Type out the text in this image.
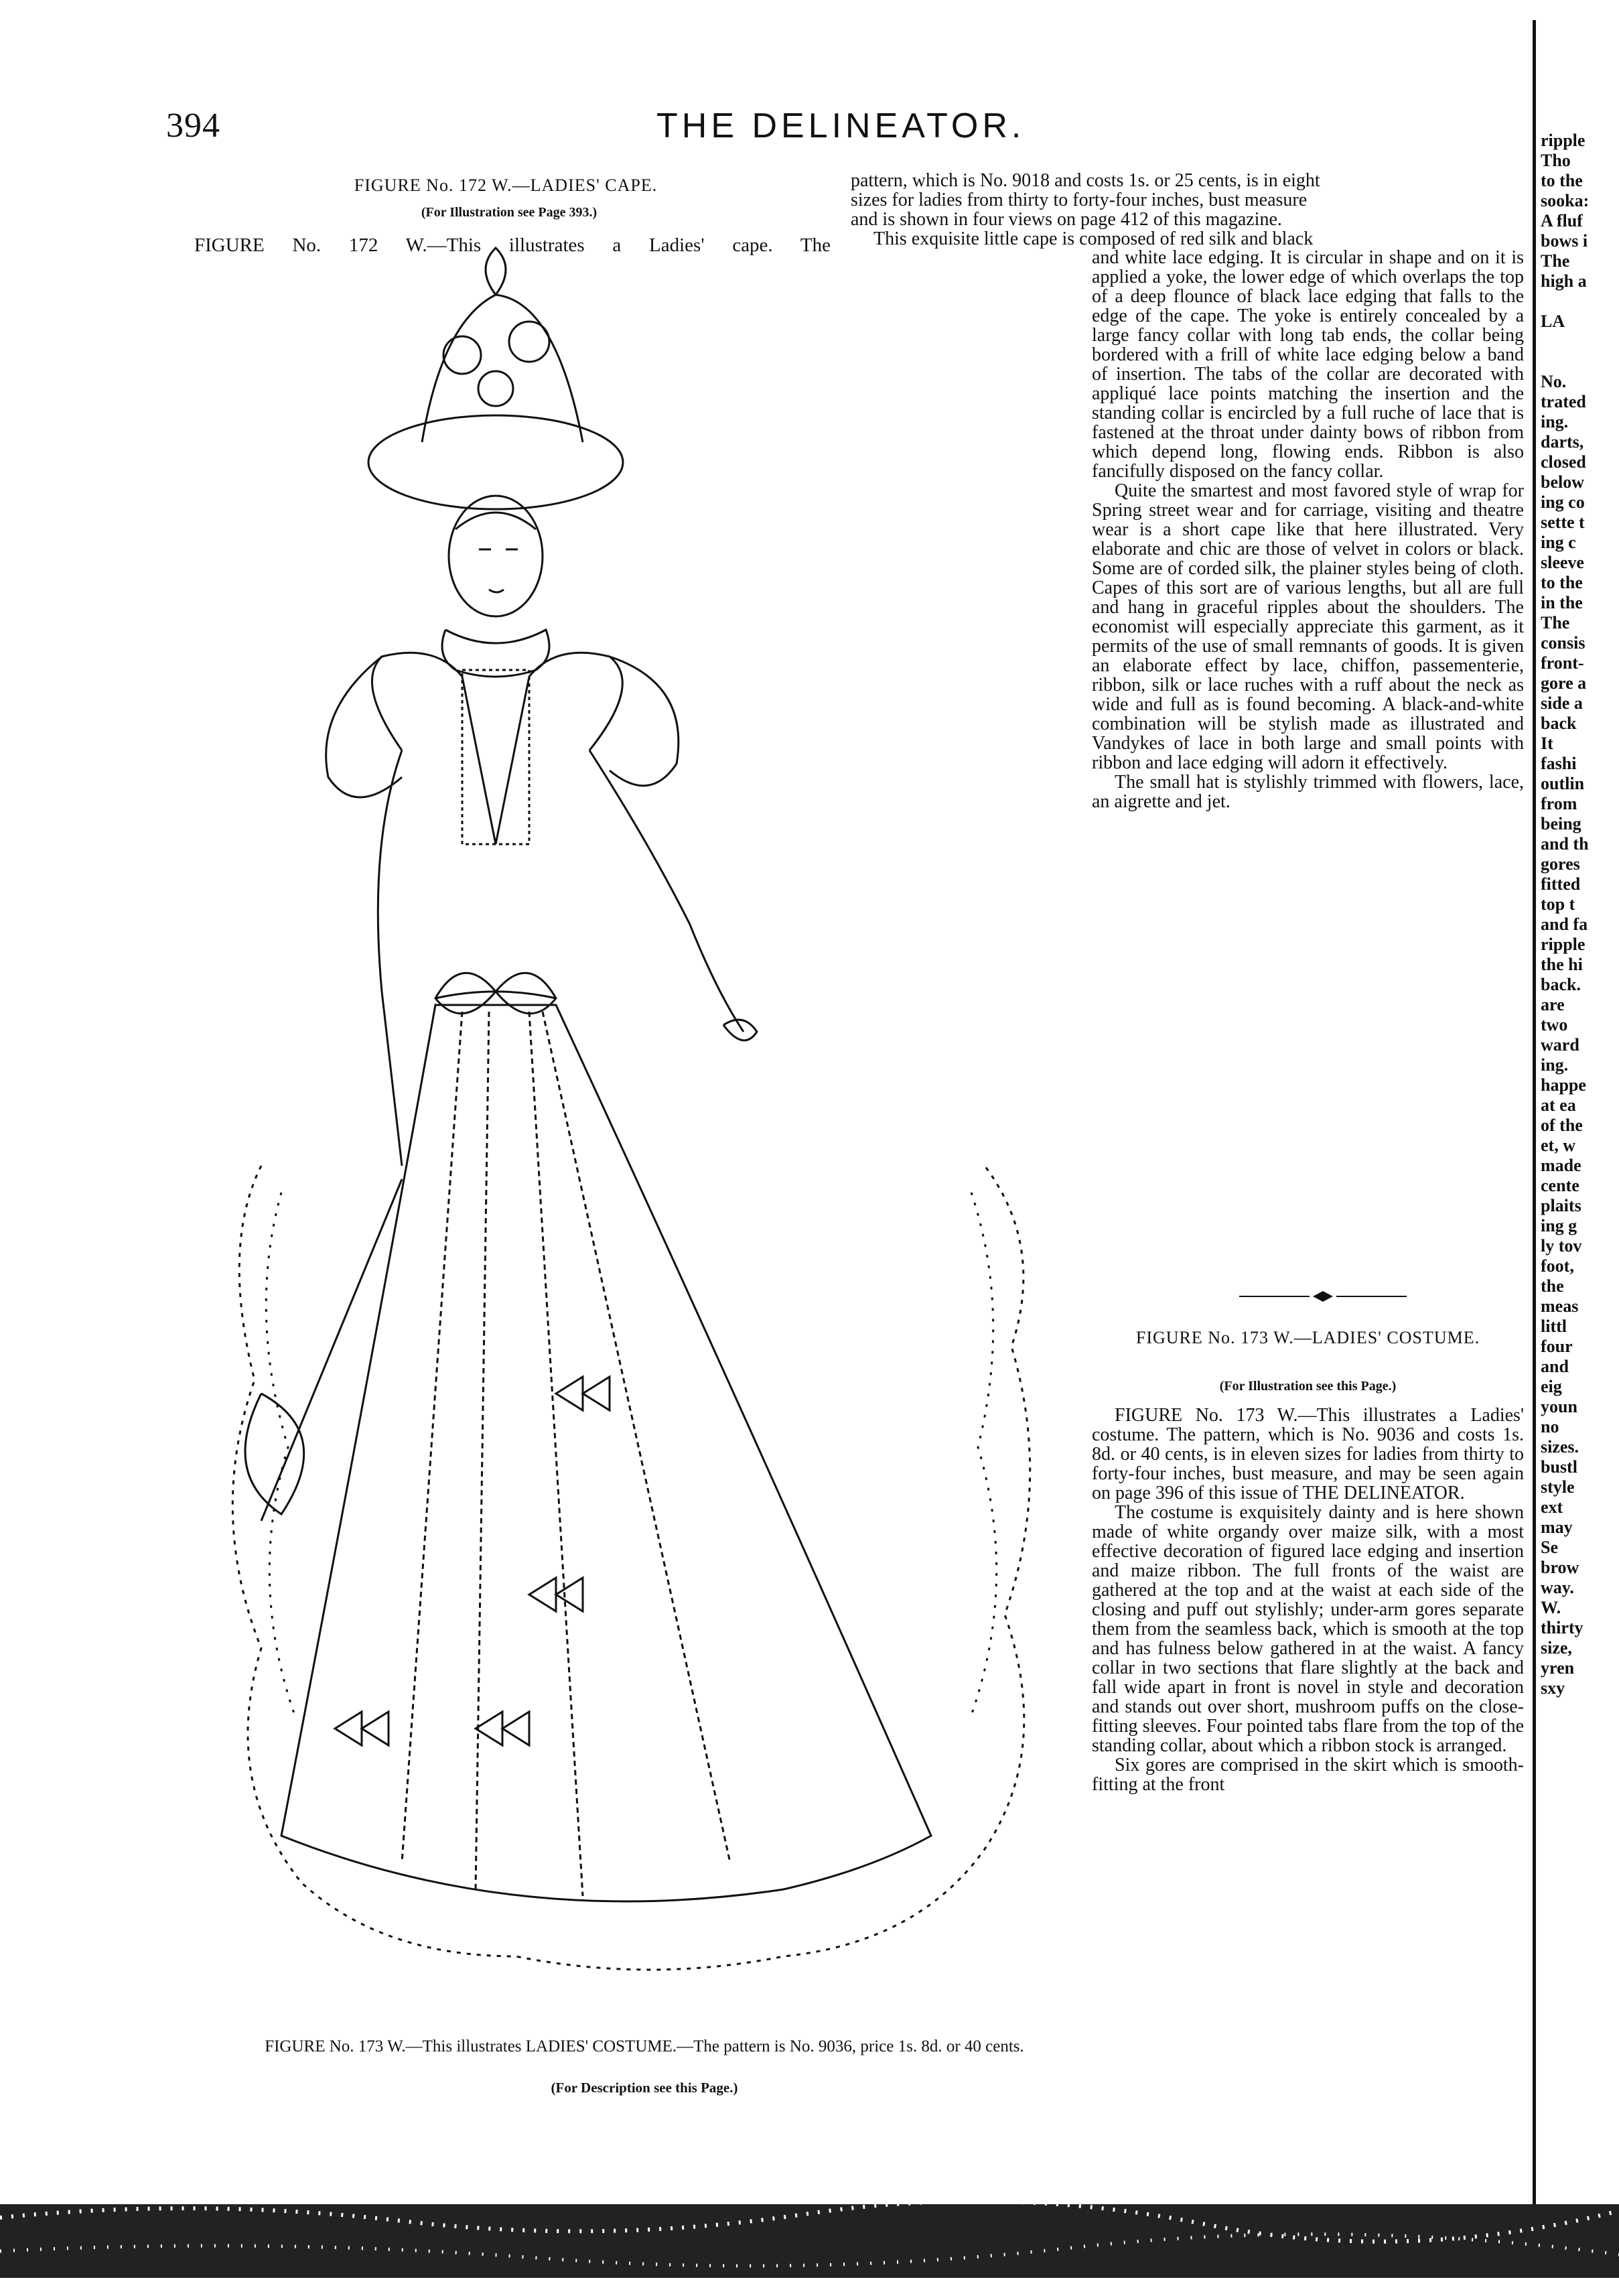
394	THE DELINEATOR.
FIGURE No. 172 W.—LADIES' CAPE.
(For Illustration see Page 393.)
FIGURE No. 172 W.—This illustrates a Ladies' cape. The
FIGURE No. 173 W.—This illustrates LADIES' COSTUME.—The pattern is No. 9036, price 1s. 8d. or 40 cents.
(For Description see this Page.)
pattern, which is No. 9018 and costs 1s. or 25 cents, is in eight
sizes for ladies from thirty to forty-four inches, bust measure
and is shown in four views on page 412 of this magazine.
This exquisite little cape is composed of red silk and black

and white lace edging. It is circular in shape and on it is applied a yoke, the lower edge of which overlaps the top of a deep flounce of black lace edging that falls to the edge of the cape. The yoke is entirely concealed by a large fancy collar with long tab ends, the collar being bordered with a frill of white lace edging below a band of insertion. The tabs of the collar are decorated with appliqué lace points matching the insertion and the standing collar is encircled by a full ruche of lace that is fastened at the throat under dainty bows of ribbon from which depend long, flowing ends. Ribbon is also fancifully disposed on the fancy collar.

Quite the smartest and most favored style of wrap for Spring street wear and for carriage, visiting and theatre wear is a short cape like that here illustrated. Very elaborate and chic are those of velvet in colors or black. Some are of corded silk, the plainer styles being of cloth. Capes of this sort are of various lengths, but all are full and hang in graceful ripples about the shoulders. The economist will especially appreciate this garment, as it permits of the use of small remnants of goods. It is given an elaborate effect by lace, chiffon, passementerie, ribbon, silk or lace ruches with a ruff about the neck as wide and full as is found becoming. A black-and-white combination will be stylish made as illustrated and Vandykes of lace in both large and small points with ribbon and lace edging will adorn it effectively.

The small hat is stylishly trimmed with flowers, lace, an aigrette and jet.

FIGURE No. 173 W.—LADIES' COSTUME.
(For Illustration see this Page.)

FIGURE No. 173 W.—This illustrates a Ladies' costume. The pattern, which is No. 9036 and costs 1s. 8d. or 40 cents, is in eleven sizes for ladies from thirty to forty-four inches, bust measure, and may be seen again on page 396 of this issue of THE DELINEATOR.

The costume is exquisitely dainty and is here shown made of white organdy over maize silk, with a most effective decoration of figured lace edging and insertion and maize ribbon. The full fronts of the waist are gathered at the top and at the waist at each side of the closing and puff out stylishly; under-arm gores separate them from the seamless back, which is smooth at the top and has fulness below gathered in at the waist. A fancy collar in two sections that flare slightly at the back and fall wide apart in front is novel in style and decoration and stands out over short, mushroom puffs on the close-fitting sleeves. Four pointed tabs flare from the top of the standing collar, about which a ribbon stock is arranged.

Six gores are comprised in the skirt which is smooth-fitting at the front

ripple
Tho
to the
sooka:
A fluf
bows i
The
high a

LA

No.
trated
ing.
darts,
closed
below
ing co
sette t
ing c
sleeve
to the
in the
The
consis
front-
gore a
side a
back
It
fashi
outlin
from
being
and th
gores
fitted
top t
and fa
ripple
the hi
back.
are
two
ward
ing.
happe
at ea
of the
et, w
made
cente
plaits
ing g
ly tov
foot,
the
meas
littl
four
and
eig
youn
no
sizes.
bustl
style
ext
may
Se
brow
way.
W.
thirty
size,
yren
sxy
